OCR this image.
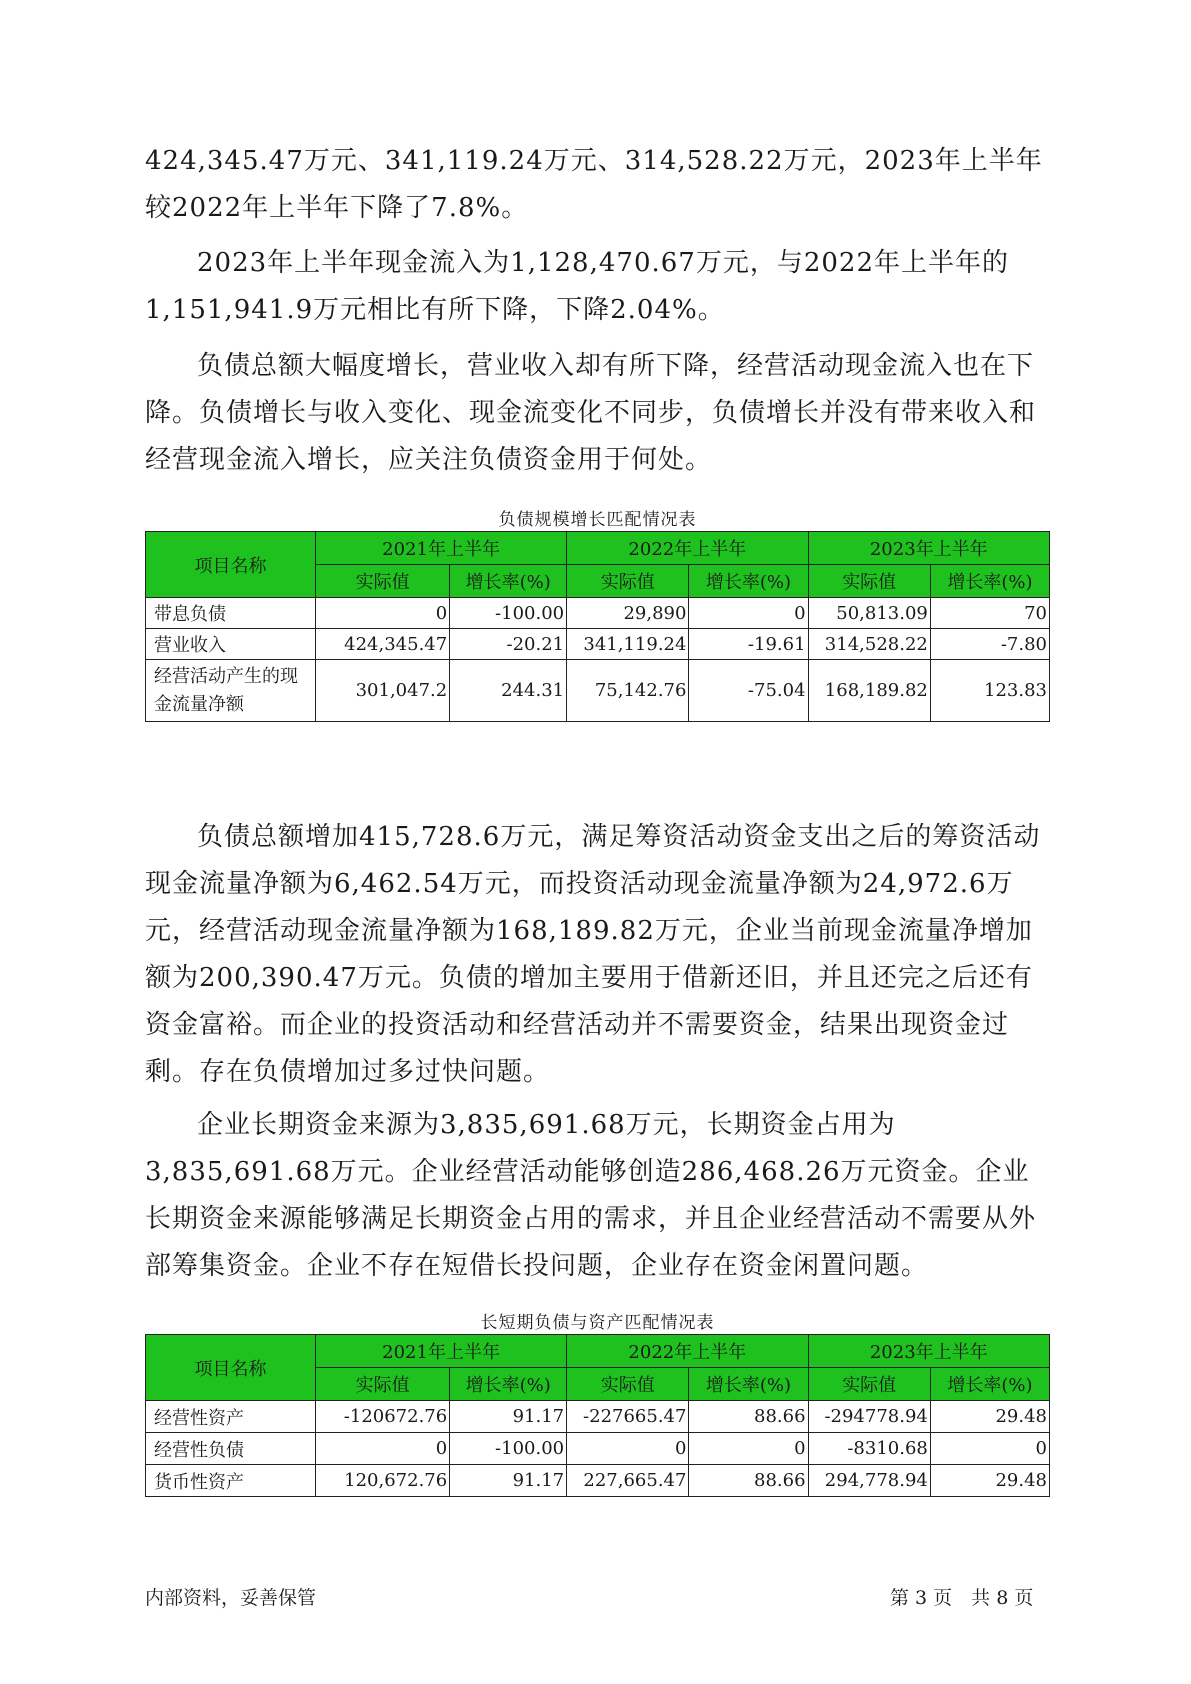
424,345.47万元、341,119.24万元、314,528.22万元，2023年上半年较2022年上半年下降了7.8%。

2023年上半年现金流入为1,128,470.67万元，与2022年上半年的1,151,941.9万元相比有所下降，下降2.04%。

负债总额大幅度增长，营业收入却有所下降，经营活动现金流入也在下降。负债增长与收入变化、现金流变化不同步，负债增长并没有带来收入和经营现金流入增长，应关注负债资金用于何处。

负债规模增长匹配情况表
项目名称	2021年上半年		2022年上半年		2023年上半年	
	实际值	增长率(%)	实际值	增长率(%)	实际值	增长率(%)
带息负债	0	-100.00	29,890	0	50,813.09	70
营业收入	424,345.47	-20.21	341,119.24	-19.61	314,528.22	-7.80
经营活动产生的现金流量净额	301,047.2	244.31	75,142.76	-75.04	168,189.82	123.83

负债总额增加415,728.6万元，满足筹资活动资金支出之后的筹资活动现金流量净额为6,462.54万元，而投资活动现金流量净额为24,972.6万元，经营活动现金流量净额为168,189.82万元，企业当前现金流量净增加额为200,390.47万元。负债的增加主要用于借新还旧，并且还完之后还有资金富裕。而企业的投资活动和经营活动并不需要资金，结果出现资金过剩。存在负债增加过多过快问题。

企业长期资金来源为3,835,691.68万元，长期资金占用为3,835,691.68万元。企业经营活动能够创造286,468.26万元资金。企业长期资金来源能够满足长期资金占用的需求，并且企业经营活动不需要从外部筹集资金。企业不存在短借长投问题，企业存在资金闲置问题。

长短期负债与资产匹配情况表
项目名称	2021年上半年		2022年上半年		2023年上半年	
	实际值	增长率(%)	实际值	增长率(%)	实际值	增长率(%)
经营性资产	-120672.76	91.17	-227665.47	88.66	-294778.94	29.48
经营性负债	0	-100.00	0	0	-8310.68	0
货币性资产	120,672.76	91.17	227,665.47	88.66	294,778.94	29.48
内部资料，妥善保管	第 3 页　共 8 页
